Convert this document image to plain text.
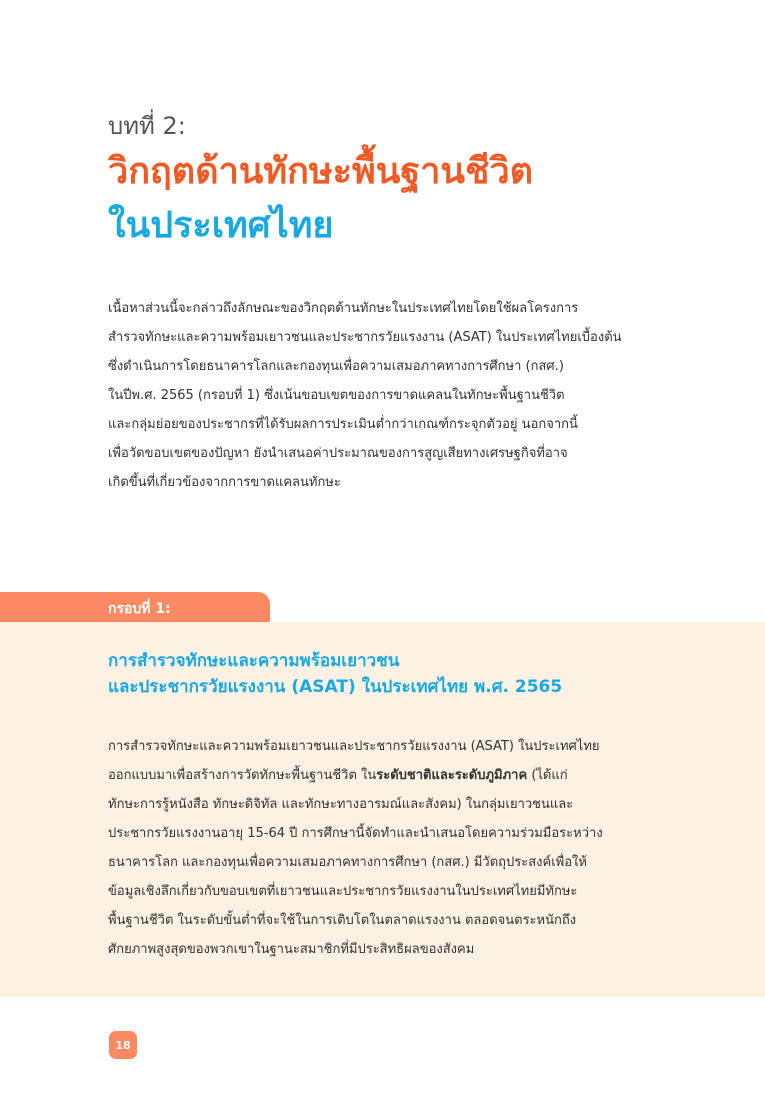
บทที่ 2:
วิกฤตด้านทักษะพื้นฐานชีวิต
ในประเทศไทย
เนื้อหาส่วนนี้จะกล่าวถึงลักษณะของวิกฤตด้านทักษะในประเทศไทยโดยใช้ผลโครงการ
สำรวจทักษะและความพร้อมเยาวชนและประชากรวัยแรงงาน (ASAT) ในประเทศไทยเบื้องต้น
ซึ่งดำเนินการโดยธนาคารโลกและกองทุนเพื่อความเสมอภาคทางการศึกษา (กสศ.)
ในปีพ.ศ. 2565 (กรอบที่ 1) ซึ่งเน้นขอบเขตของการขาดแคลนในทักษะพื้นฐานชีวิต
และกลุ่มย่อยของประชากรที่ได้รับผลการประเมินต่ำกว่าเกณฑ์กระจุกตัวอยู่ นอกจากนี้
เพื่อวัดขอบเขตของปัญหา ยังนำเสนอค่าประมาณของการสูญเสียทางเศรษฐกิจที่อาจ
เกิดขึ้นที่เกี่ยวข้องจากการขาดแคลนทักษะ
กรอบที่ 1:
การสำรวจทักษะและความพร้อมเยาวชน
และประชากรวัยแรงงาน (ASAT) ในประเทศไทย พ.ศ. 2565
การสำรวจทักษะและความพร้อมเยาวชนและประชากรวัยแรงงาน (ASAT) ในประเทศไทย
ออกแบบมาเพื่อสร้างการวัดทักษะพื้นฐานชีวิต ในระดับชาติและระดับภูมิภาค (ได้แก่
ทักษะการรู้หนังสือ ทักษะดิจิทัล และทักษะทางอารมณ์และสังคม) ในกลุ่มเยาวชนและ
ประชากรวัยแรงงานอายุ 15-64 ปี การศึกษานี้จัดทำและนำเสนอโดยความร่วมมือระหว่าง
ธนาคารโลก และกองทุนเพื่อความเสมอภาคทางการศึกษา (กสศ.) มีวัตถุประสงค์เพื่อให้
ข้อมูลเชิงลึกเกี่ยวกับขอบเขตที่เยาวชนและประชากรวัยแรงงานในประเทศไทยมีทักษะ
พื้นฐานชีวิต ในระดับขั้นต่ำที่จะใช้ในการเติบโตในตลาดแรงงาน ตลอดจนตระหนักถึง
ศักยภาพสูงสุดของพวกเขาในฐานะสมาชิกที่มีประสิทธิผลของสังคม
18
